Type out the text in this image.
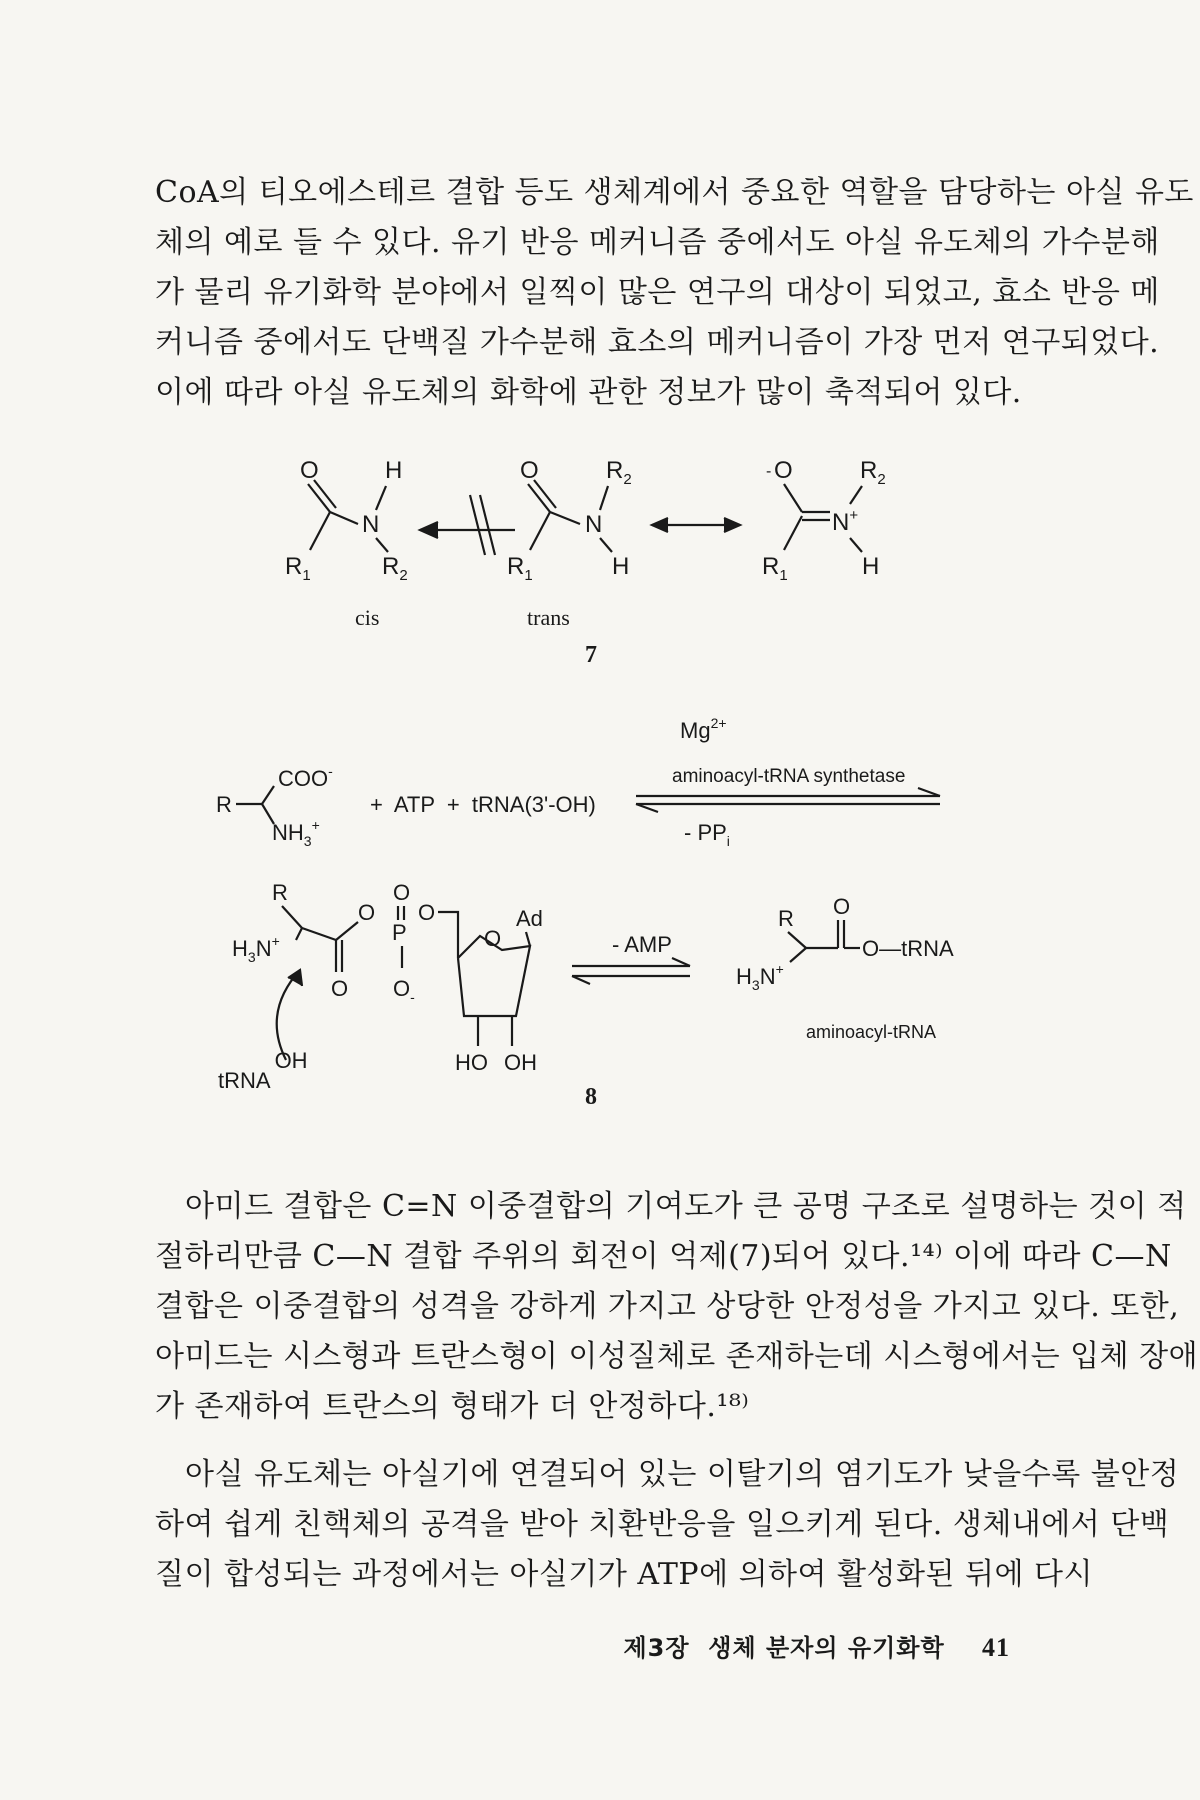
CoA의 티오에스테르 결합 등도 생체계에서 중요한 역할을 담당하는 아실 유도
체의 예로 들 수 있다. 유기 반응 메커니즘 중에서도 아실 유도체의 가수분해
가 물리 유기화학 분야에서 일찍이 많은 연구의 대상이 되었고, 효소 반응 메
커니즘 중에서도 단백질 가수분해 효소의 메커니즘이 가장 먼저 연구되었다.
이에 따라 아실 유도체의 화학에 관한 정보가 많이 축적되어 있다.
O	H
N
$R_1$	$R_2$
O	$R_2$
N
$R_1$	H
- O	$R_2$
N+
$R_1$	H
cis	trans
7
R
COO-
$NH_3^+$
+  ATP  +  tRNA(3'-OH)
$Mg^{2+}$
aminoacyl-tRNA synthetase
- $PP_i$
R
$H_3N^+$
O
O
O
P
$O_-$
O
O
Ad
HO OH
tRNAOH
- AMP
R
$H_3N^+$
O
O—tRNA
aminoacyl-tRNA
8
아미드 결합은 C=N 이중결합의 기여도가 큰 공명 구조로 설명하는 것이 적
절하리만큼 C—N 결합 주위의 회전이 억제(7)되어 있다.¹⁴⁾ 이에 따라 C—N
결합은 이중결합의 성격을 강하게 가지고 상당한 안정성을 가지고 있다. 또한,
아미드는 시스형과 트란스형이 이성질체로 존재하는데 시스형에서는 입체 장애
가 존재하여 트란스의 형태가 더 안정하다.¹⁸⁾
아실 유도체는 아실기에 연결되어 있는 이탈기의 염기도가 낮을수록 불안정
하여 쉽게 친핵체의 공격을 받아 치환반응을 일으키게 된다. 생체내에서 단백
질이 합성되는 과정에서는 아실기가 ATP에 의하여 활성화된 뒤에 다시
제3장  생체 분자의 유기화학 41
